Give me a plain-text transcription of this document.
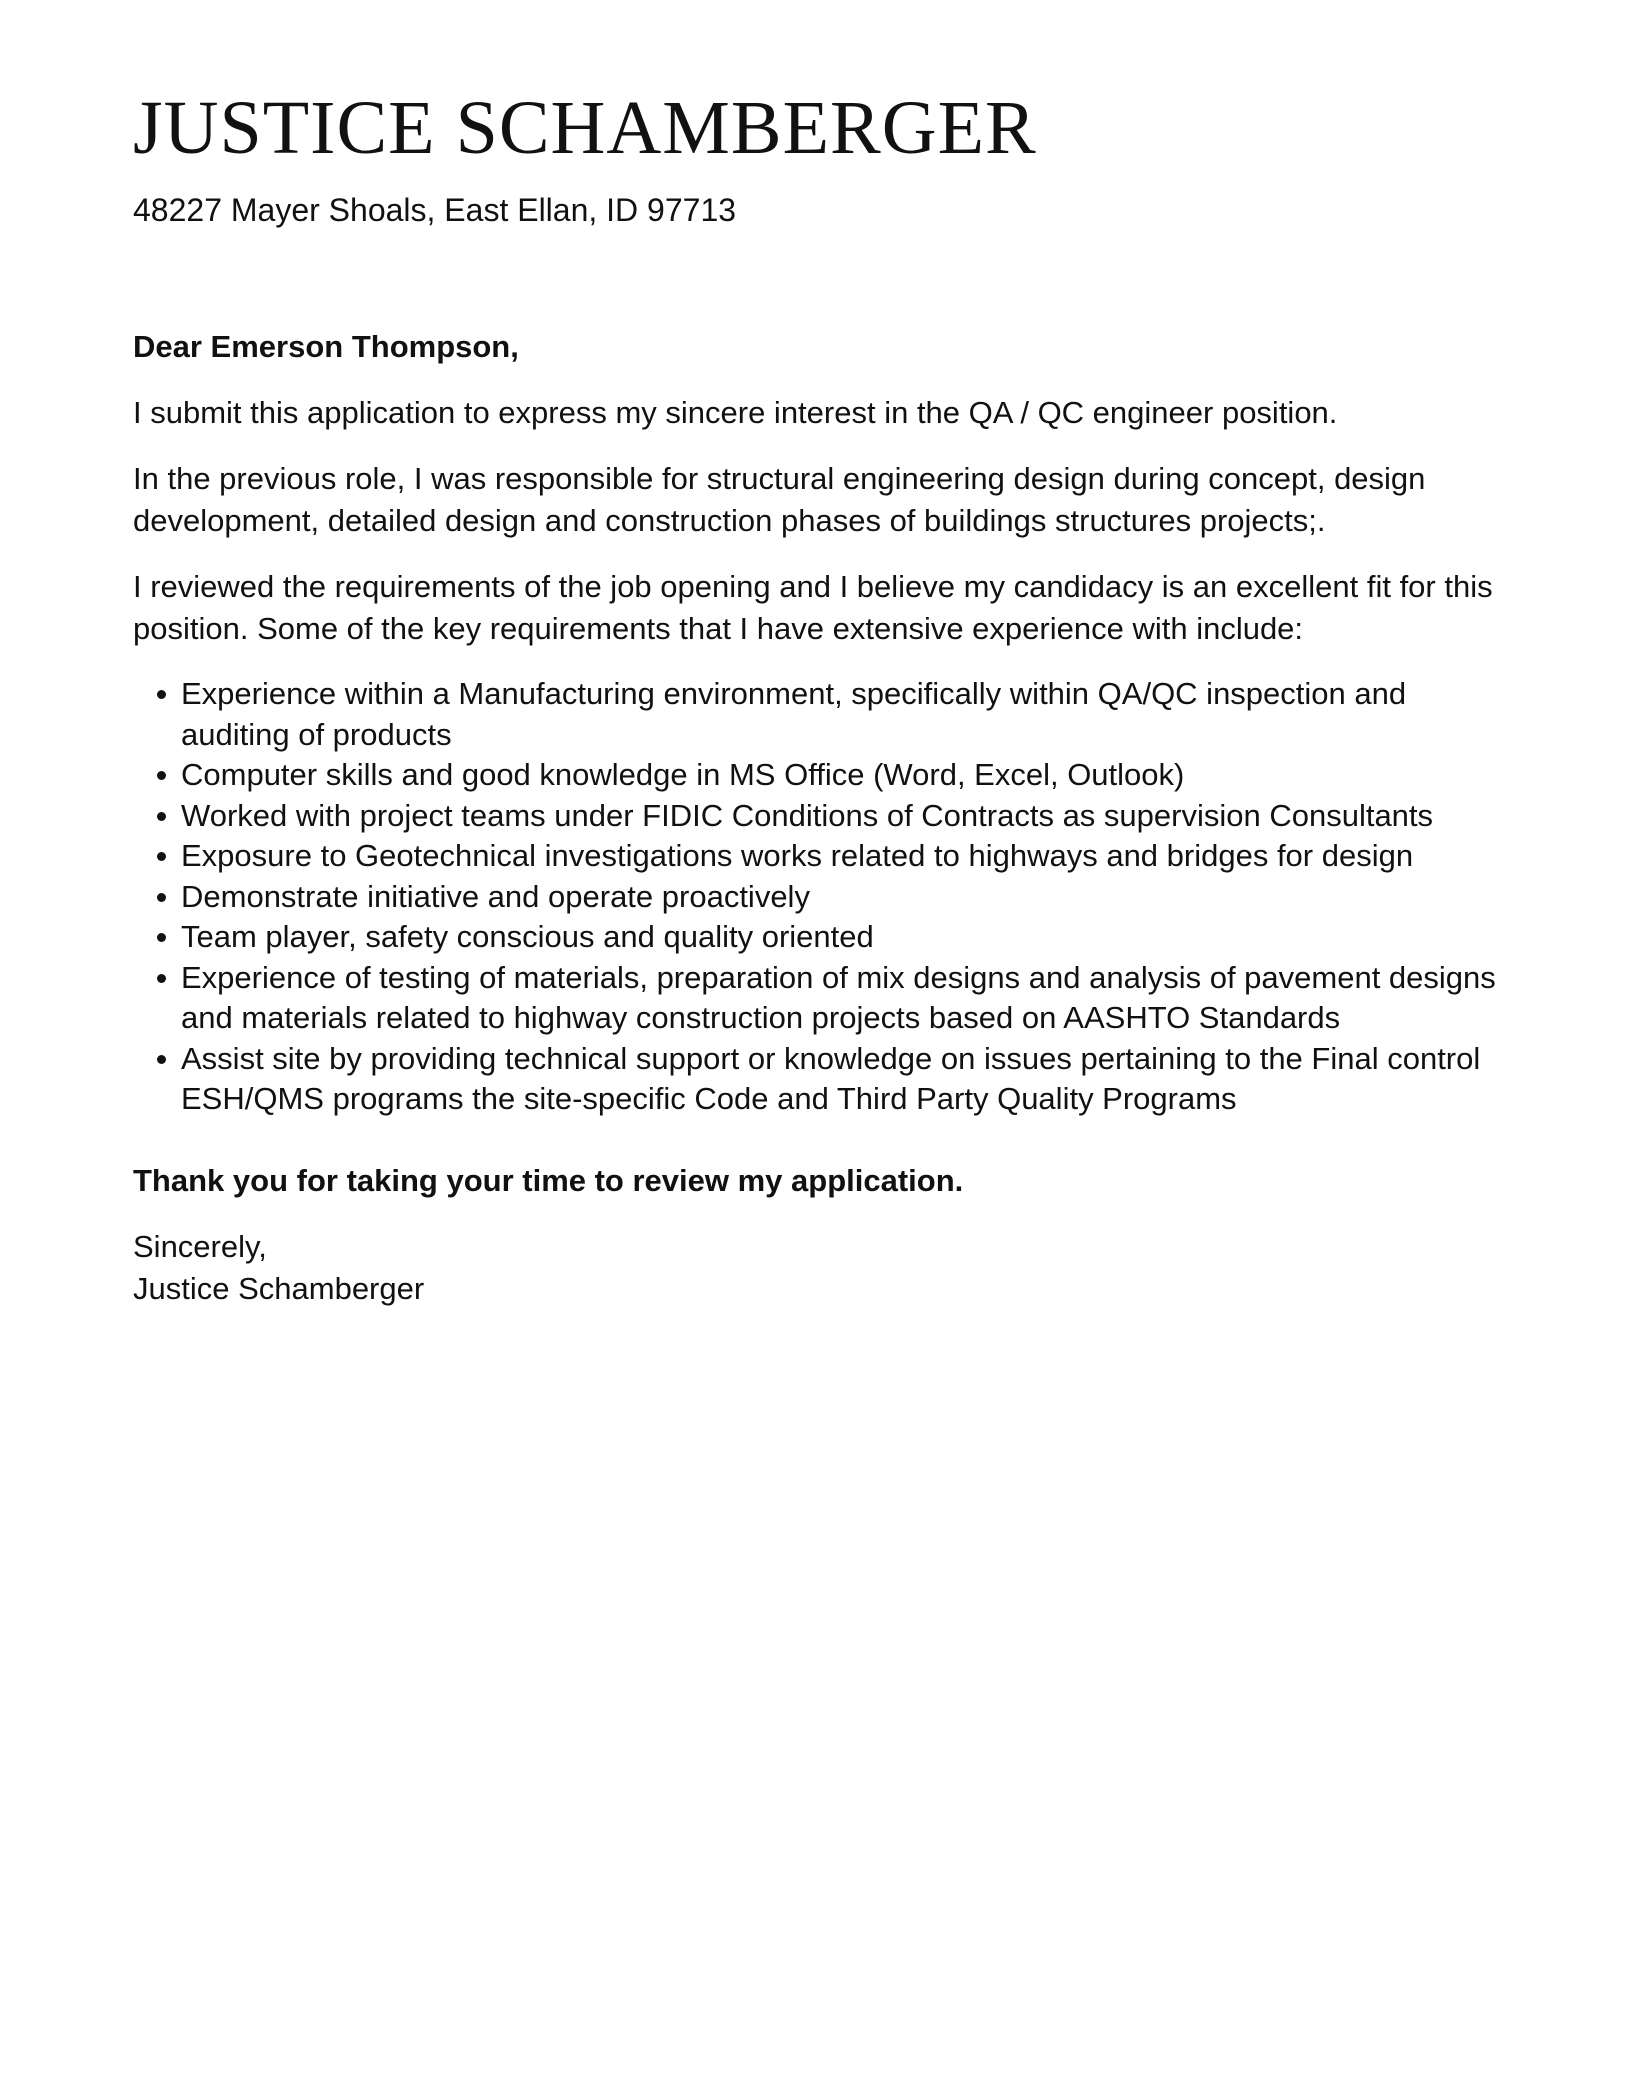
JUSTICE SCHAMBERGER
48227 Mayer Shoals, East Ellan, ID 97713

Dear Emerson Thompson,

I submit this application to express my sincere interest in the QA / QC engineer position.

In the previous role, I was responsible for structural engineering design during concept, design development, detailed design and construction phases of buildings structures projects;.

I reviewed the requirements of the job opening and I believe my candidacy is an excellent fit for this position. Some of the key requirements that I have extensive experience with include:

Experience within a Manufacturing environment, specifically within QA/QC inspection and auditing of products
Computer skills and good knowledge in MS Office (Word, Excel, Outlook)
Worked with project teams under FIDIC Conditions of Contracts as supervision Consultants
Exposure to Geotechnical investigations works related to highways and bridges for design
Demonstrate initiative and operate proactively
Team player, safety conscious and quality oriented
Experience of testing of materials, preparation of mix designs and analysis of pavement designs and materials related to highway construction projects based on AASHTO Standards
Assist site by providing technical support or knowledge on issues pertaining to the Final control ESH/QMS programs the site-specific Code and Third Party Quality Programs

Thank you for taking your time to review my application.

Sincerely,

Justice Schamberger
